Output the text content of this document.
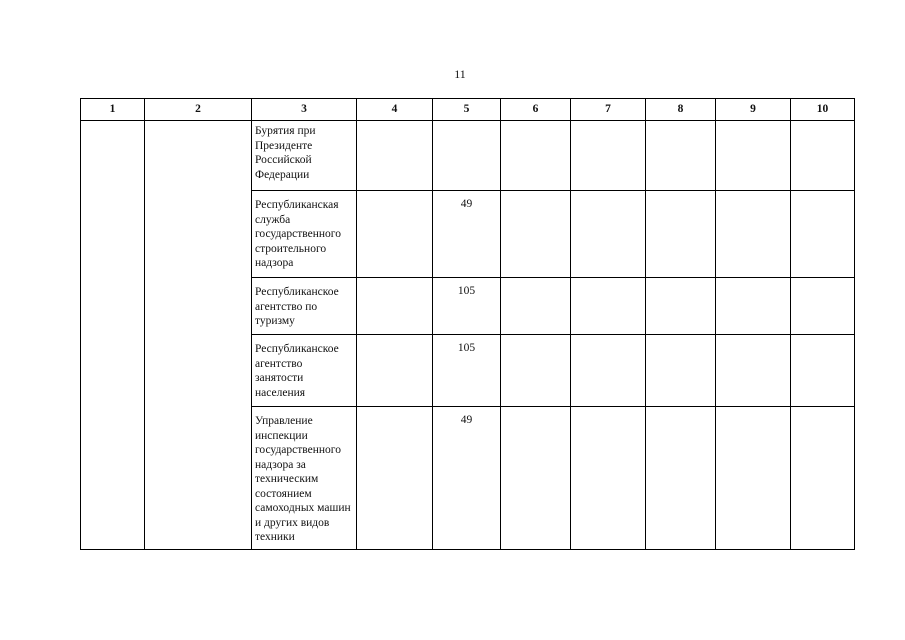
11
1	2	3	4	5	6	7	8	9	10
		Бурятия при Президенте Российской Федерации							
		Республиканская служба государственного строительного надзора		49					
		Республиканское агентство по туризму		105					
		Республиканское агентство занятости населения		105					
		Управление инспекции государственного надзора за техническим состоянием самоходных машин и других видов техники		49					
